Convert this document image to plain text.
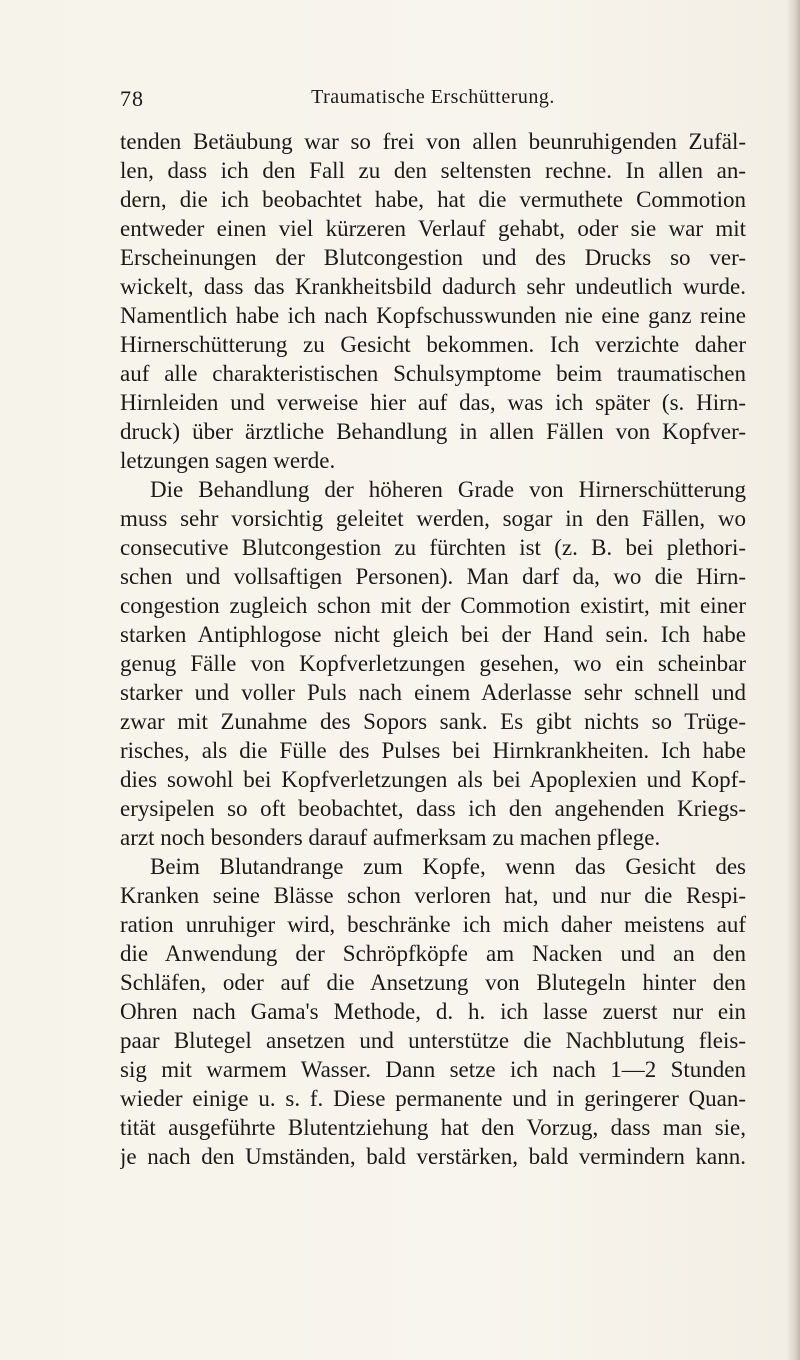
78	Traumatische Erschütterung.
tenden Betäubung war so frei von allen beunruhigenden Zufäl-
len, dass ich den Fall zu den seltensten rechne. In allen an-
dern, die ich beobachtet habe, hat die vermuthete Commotion
entweder einen viel kürzeren Verlauf gehabt, oder sie war mit
Erscheinungen der Blutcongestion und des Drucks so ver-
wickelt, dass das Krankheitsbild dadurch sehr undeutlich wurde.
Namentlich habe ich nach Kopfschusswunden nie eine ganz reine
Hirnerschütterung zu Gesicht bekommen. Ich verzichte daher
auf alle charakteristischen Schulsymptome beim traumatischen
Hirnleiden und verweise hier auf das, was ich später (s. Hirn-
druck) über ärztliche Behandlung in allen Fällen von Kopfver-
letzungen sagen werde.
Die Behandlung der höheren Grade von Hirnerschütterung
muss sehr vorsichtig geleitet werden, sogar in den Fällen, wo
consecutive Blutcongestion zu fürchten ist (z. B. bei plethori-
schen und vollsaftigen Personen). Man darf da, wo die Hirn-
congestion zugleich schon mit der Commotion existirt, mit einer
starken Antiphlogose nicht gleich bei der Hand sein. Ich habe
genug Fälle von Kopfverletzungen gesehen, wo ein scheinbar
starker und voller Puls nach einem Aderlasse sehr schnell und
zwar mit Zunahme des Sopors sank. Es gibt nichts so Trüge-
risches, als die Fülle des Pulses bei Hirnkrankheiten. Ich habe
dies sowohl bei Kopfverletzungen als bei Apoplexien und Kopf-
erysipelen so oft beobachtet, dass ich den angehenden Kriegs-
arzt noch besonders darauf aufmerksam zu machen pflege.
Beim Blutandrange zum Kopfe, wenn das Gesicht des
Kranken seine Blässe schon verloren hat, und nur die Respi-
ration unruhiger wird, beschränke ich mich daher meistens auf
die Anwendung der Schröpfköpfe am Nacken und an den
Schläfen, oder auf die Ansetzung von Blutegeln hinter den
Ohren nach Gama's Methode, d. h. ich lasse zuerst nur ein
paar Blutegel ansetzen und unterstütze die Nachblutung fleis-
sig mit warmem Wasser. Dann setze ich nach 1—2 Stunden
wieder einige u. s. f. Diese permanente und in geringerer Quan-
tität ausgeführte Blutentziehung hat den Vorzug, dass man sie,
je nach den Umständen, bald verstärken, bald vermindern kann.
